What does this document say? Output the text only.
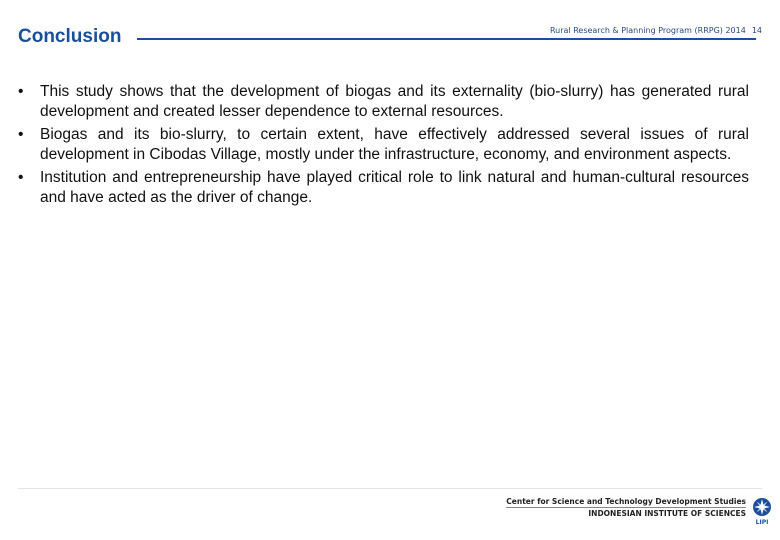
Conclusion	Rural Research & Planning Program (RRPG) 2014 14
•	This study shows that the development of biogas and its externality (bio-slurry) has generated rural development and created lesser dependence to external resources.
•	Biogas and its bio-slurry, to certain extent, have effectively addressed several issues of rural development in Cibodas Village, mostly under the infrastructure, economy, and environment aspects.
•	Institution and entrepreneurship have played critical role to link natural and human-cultural resources and have acted as the driver of change.
Center for Science and Technology Development Studies
INDONESIAN INSTITUTE OF SCIENCES
LIPI
